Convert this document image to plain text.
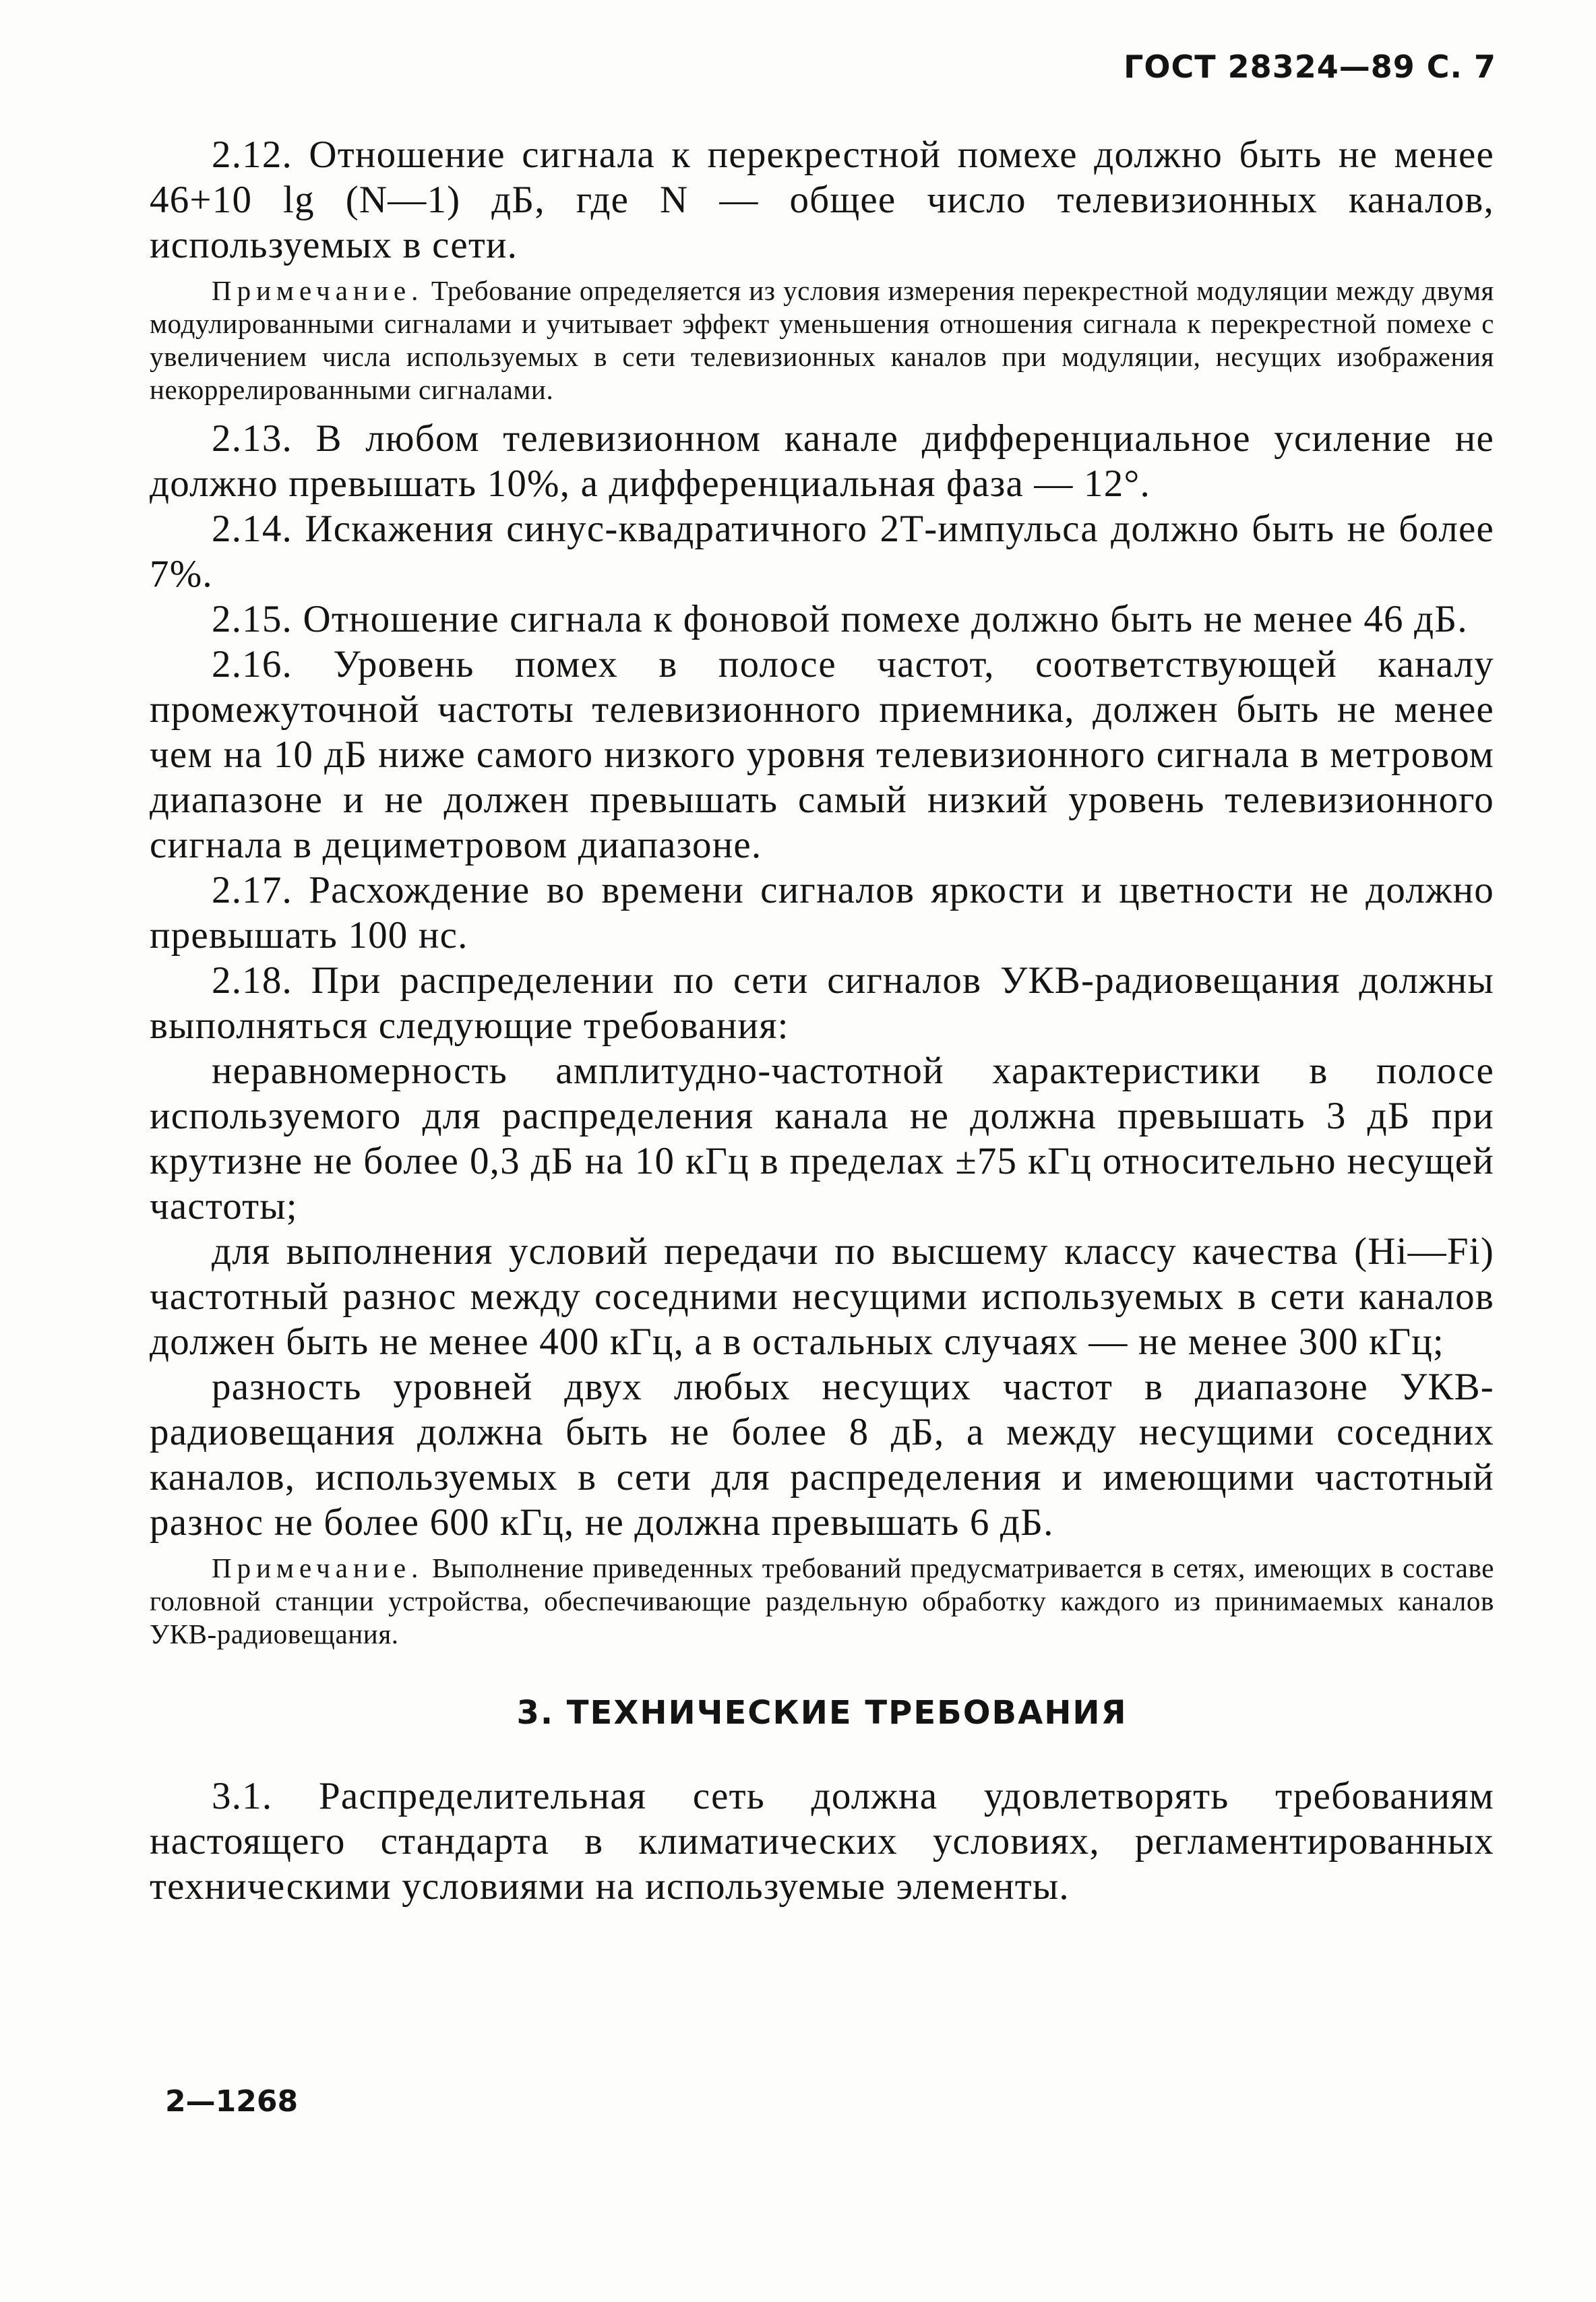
ГОСТ 28324—89 С. 7

2.12. Отношение сигнала к перекрестной помехе должно быть не менее 46+10 lg (N—1) дБ, где N — общее число телевизионных каналов, используемых в сети.

Примечание. Требование определяется из условия измерения перекрестной модуляции между двумя модулированными сигналами и учитывает эффект уменьшения отношения сигнала к перекрестной помехе с увеличением числа используемых в сети телевизионных каналов при модуляции, несущих изображения некоррелированными сигналами.

2.13. В любом телевизионном канале дифференциальное усиление не должно превышать 10%, а дифференциальная фаза — 12°.

2.14. Искажения синус-квадратичного 2Т-импульса должно быть не более 7%.

2.15. Отношение сигнала к фоновой помехе должно быть не менее 46 дБ.

2.16. Уровень помех в полосе частот, соответствующей каналу промежуточной частоты телевизионного приемника, должен быть не менее чем на 10 дБ ниже самого низкого уровня телевизионного сигнала в метровом диапазоне и не должен превышать самый низкий уровень телевизионного сигнала в дециметровом диапазоне.

2.17. Расхождение во времени сигналов яркости и цветности не должно превышать 100 нс.

2.18. При распределении по сети сигналов УКВ-радиовещания должны выполняться следующие требования:

неравномерность амплитудно-частотной характеристики в полосе используемого для распределения канала не должна превышать 3 дБ при крутизне не более 0,3 дБ на 10 кГц в пределах ±75 кГц относительно несущей частоты;

для выполнения условий передачи по высшему классу качества (Hi—Fi) частотный разнос между соседними несущими используемых в сети каналов должен быть не менее 400 кГц, а в остальных случаях — не менее 300 кГц;

разность уровней двух любых несущих частот в диапазоне УКВ-радиовещания должна быть не более 8 дБ, а между несущими соседних каналов, используемых в сети для распределения и имеющими частотный разнос не более 600 кГц, не должна превышать 6 дБ.

Примечание. Выполнение приведенных требований предусматривается в сетях, имеющих в составе головной станции устройства, обеспечивающие раздельную обработку каждого из принимаемых каналов УКВ-радиовещания.

3. ТЕХНИЧЕСКИЕ ТРЕБОВАНИЯ

3.1. Распределительная сеть должна удовлетворять требованиям настоящего стандарта в климатических условиях, регламентированных техническими условиями на используемые элементы.

2—1268
